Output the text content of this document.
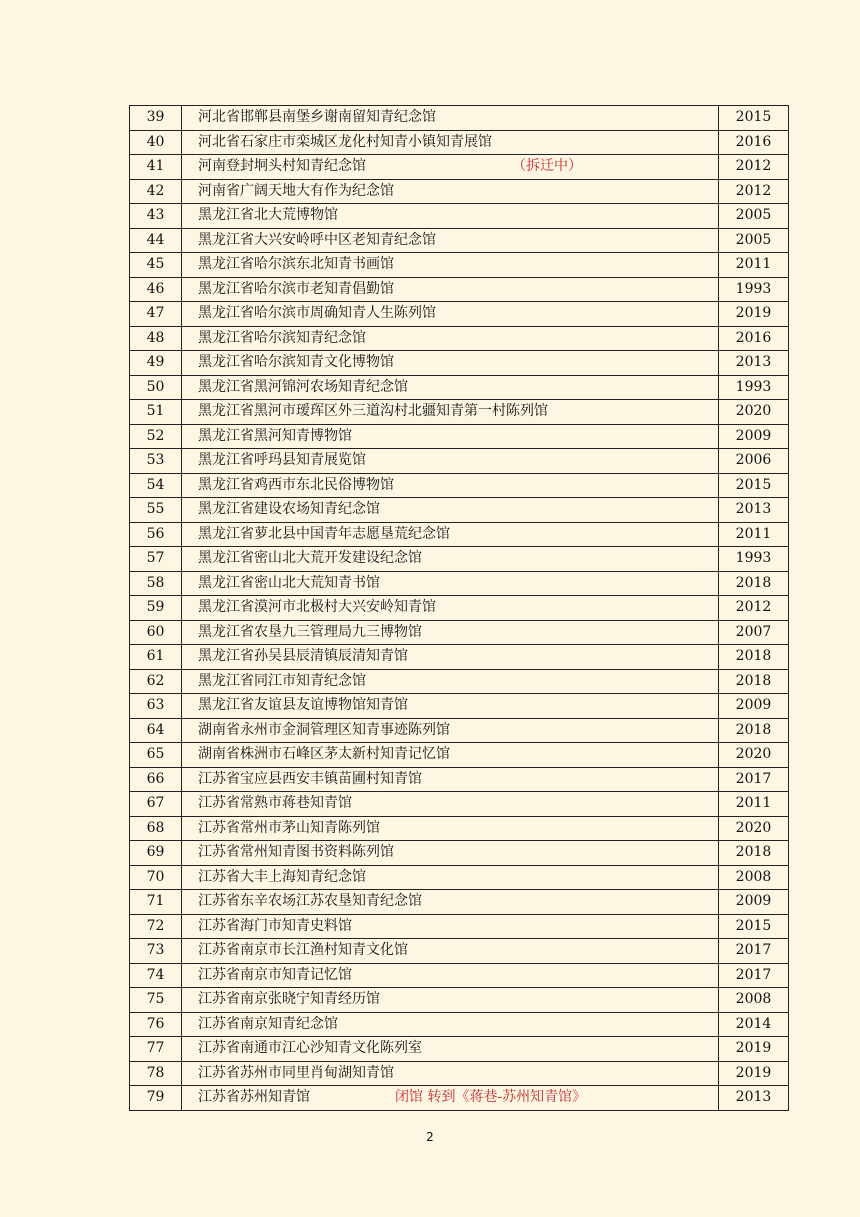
39	河北省邯郸县南堡乡谢南留知青纪念馆	2015
40	河北省石家庄市栾城区龙化村知青小镇知青展馆	2016
41	河南登封坰头村知青纪念馆 （拆迁中）	2012
42	河南省广阔天地大有作为纪念馆	2012
43	黑龙江省北大荒博物馆	2005
44	黑龙江省大兴安岭呼中区老知青纪念馆	2005
45	黑龙江省哈尔滨东北知青书画馆	2011
46	黑龙江省哈尔滨市老知青倡勤馆	1993
47	黑龙江省哈尔滨市周确知青人生陈列馆	2019
48	黑龙江省哈尔滨知青纪念馆	2016
49	黑龙江省哈尔滨知青文化博物馆	2013
50	黑龙江省黑河锦河农场知青纪念馆	1993
51	黑龙江省黑河市瑷珲区外三道沟村北疆知青第一村陈列馆	2020
52	黑龙江省黑河知青博物馆	2009
53	黑龙江省呼玛县知青展览馆	2006
54	黑龙江省鸡西市东北民俗博物馆	2015
55	黑龙江省建设农场知青纪念馆	2013
56	黑龙江省萝北县中国青年志愿垦荒纪念馆	2011
57	黑龙江省密山北大荒开发建设纪念馆	1993
58	黑龙江省密山北大荒知青书馆	2018
59	黑龙江省漠河市北极村大兴安岭知青馆	2012
60	黑龙江省农垦九三管理局九三博物馆	2007
61	黑龙江省孙吴县辰清镇辰清知青馆	2018
62	黑龙江省同江市知青纪念馆	2018
63	黑龙江省友谊县友谊博物馆知青馆	2009
64	湖南省永州市金洞管理区知青事迹陈列馆	2018
65	湖南省株洲市石峰区茅太新村知青记忆馆	2020
66	江苏省宝应县西安丰镇苗圃村知青馆	2017
67	江苏省常熟市蒋巷知青馆	2011
68	江苏省常州市茅山知青陈列馆	2020
69	江苏省常州知青图书资料陈列馆	2018
70	江苏省大丰上海知青纪念馆	2008
71	江苏省东辛农场江苏农垦知青纪念馆	2009
72	江苏省海门市知青史料馆	2015
73	江苏省南京市长江渔村知青文化馆	2017
74	江苏省南京市知青记忆馆	2017
75	江苏省南京张晓宁知青经历馆	2008
76	江苏省南京知青纪念馆	2014
77	江苏省南通市江心沙知青文化陈列室	2019
78	江苏省苏州市同里肖甸湖知青馆	2019
79	江苏省苏州知青馆 闭馆 转到《蒋巷-苏州知青馆》	2013
2
